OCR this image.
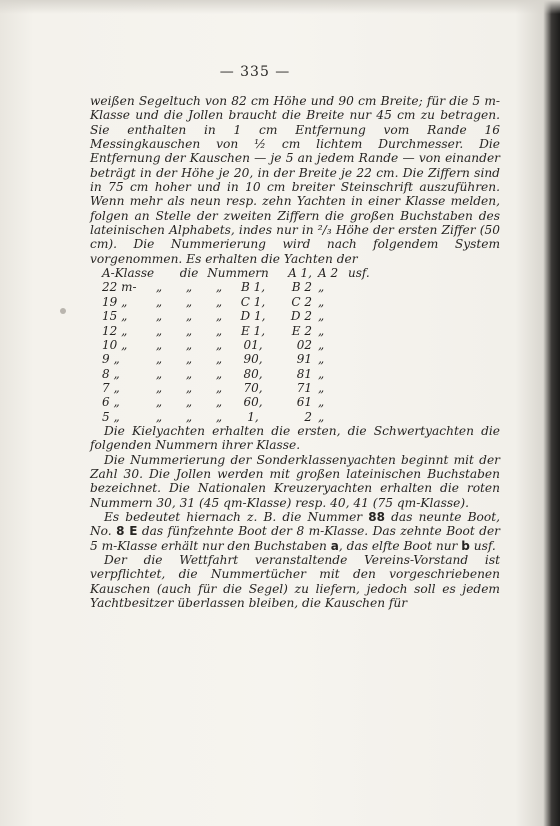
— 335 —

weißen Segeltuch von 82 cm Höhe und 90 cm Breite; für die 5 m-Klasse und die Jollen braucht die Breite nur 45 cm zu betragen. Sie enthalten in 1 cm Entfernung vom Rande 16 Messingkauschen von ½ cm lichtem Durchmesser. Die Entfernung der Kauschen — je 5 an jedem Rande — von einander beträgt in der Höhe je 20, in der Breite je 22 cm. Die Ziffern sind in 75 cm hoher und in 10 cm breiter Steinschrift auszuführen. Wenn mehr als neun resp. zehn Yachten in einer Klasse melden, folgen an Stelle der zweiten Ziffern die großen Buchstaben des lateinischen Alphabets, indes nur in ²/₃ Höhe der ersten Ziffer (50 cm). Die Nummerierung wird nach folgendem System vorgenommen. Es erhalten die Yachten der

A-Klasse		die	Nummern		A 1,	A 2	usf.
22 m-	„	„	„	B 1,	B 2	„	
19 „	„	„	„	C 1,	C 2	„	
15 „	„	„	„	D 1,	D 2	„	
12 „	„	„	„	E 1,	E 2	„	
10 „	„	„	„	01,	02	„	
9 „	„	„	„	90,	91	„	
8 „	„	„	„	80,	81	„	
7 „	„	„	„	70,	71	„	
6 „	„	„	„	60,	61	„	
5 „	„	„	„	1,	2	„	

Die Kielyachten erhalten die ersten, die Schwertyachten die folgenden Nummern ihrer Klasse.

Die Nummerierung der Sonderklassenyachten beginnt mit der Zahl 30. Die Jollen werden mit großen lateinischen Buchstaben bezeichnet. Die Nationalen Kreuzeryachten erhalten die roten Nummern 30, 31 (45 qm-Klasse) resp. 40, 41 (75 qm-Klasse).

Es bedeutet hiernach z. B. die Nummer 88 das neunte Boot, No. 8 E das fünfzehnte Boot der 8 m-Klasse. Das zehnte Boot der 5 m-Klasse erhält nur den Buchstaben a, das elfte Boot nur b usf.

Der die Wettfahrt veranstaltende Vereins-Vorstand ist verpflichtet, die Nummertücher mit den vorgeschriebenen Kauschen (auch für die Segel) zu liefern, jedoch soll es jedem Yachtbesitzer überlassen bleiben, die Kauschen für
